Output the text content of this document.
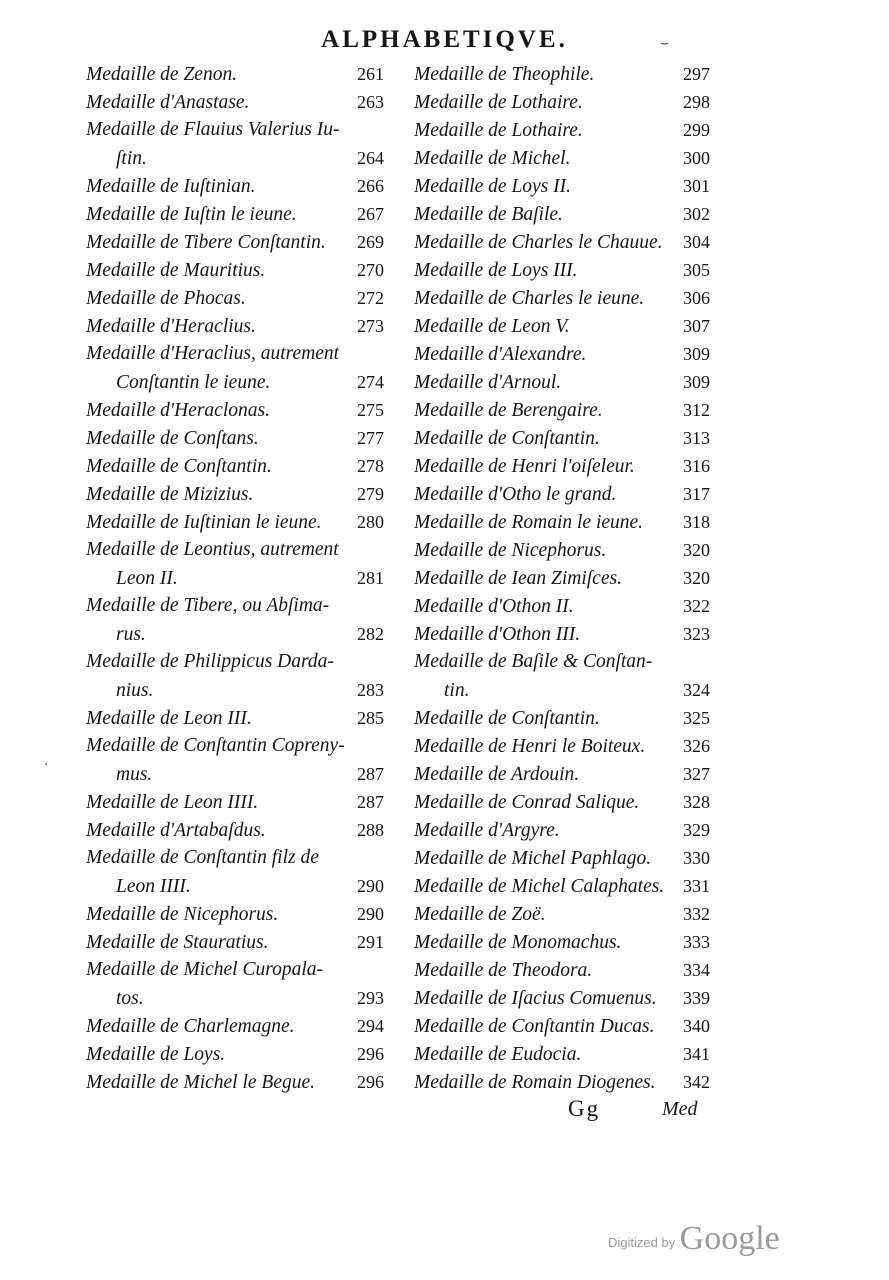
ALPHABETIQVE.
Medaille de Zenon.	261
Medaille d'Anastase.	263
Medaille de Flauius Valerius Iu-
ſtin.	264
Medaille de Iuſtinian.	266
Medaille de Iuſtin le ieune.	267
Medaille de Tibere Conſtantin. 269
Medaille de Mauritius.	270
Medaille de Phocas.	272
Medaille d'Heraclius.	273
Medaille d'Heraclius, autrement
Conſtantin le ieune.	274
Medaille d'Heraclonas.	275
Medaille de Conſtans.	277
Medaille de Conſtantin.	278
Medaille de Mizizius.	279
Medaille de Iuſtinian le ieune. 280
Medaille de Leontius, autrement
Leon II.	281
Medaille de Tibere, ou Abſima-
rus.	282
Medaille de Philippicus Darda-
nius.	283
Medaille de Leon III.	285
Medaille de Conſtantin Copreny-
mus.	287
Medaille de Leon IIII.	287
Medaille d'Artabaſdus.	288
Medaille de Conſtantin filz de
Leon IIII.	290
Medaille de Nicephorus.	290
Medaille de Stauratius.	291
Medaille de Michel Curopala-
tos.	293
Medaille de Charlemagne.	294
Medaille de Loys.	296
Medaille de Michel le Begue. 296
Medaille de Theophile.	297
Medaille de Lothaire.	298
Medaille de Lothaire.	299
Medaille de Michel.	300
Medaille de Loys II.	301
Medaille de Baſile.	302
Medaille de Charles le Chauue. 304
Medaille de Loys III.	305
Medaille de Charles le ieune. 306
Medaille de Leon V.	307
Medaille d'Alexandre.	309
Medaille d'Arnoul.	309
Medaille de Berengaire.	312
Medaille de Conſtantin.	313
Medaille de Henri l'oiſeleur.	316
Medaille d'Otho le grand.	317
Medaille de Romain le ieune. 318
Medaille de Nicephorus.	320
Medaille de Iean Zimiſces.	320
Medaille d'Othon II.	322
Medaille d'Othon III.	323
Medaille de Baſile & Conſtan-
tin.	324
Medaille de Conſtantin.	325
Medaille de Henri le Boiteux. 326
Medaille de Ardouin.	327
Medaille de Conrad Salique. 328
Medaille d'Argyre.	329
Medaille de Michel Paphlago. 330
Medaille de Michel Calaphates. 331
Medaille de Zoë.	332
Medaille de Monomachus.	333
Medaille de Theodora.	334
Medaille de Iſacius Comuenus. 339
Medaille de Conſtantin Ducas. 340
Medaille de Eudocia.	341
Medaille de Romain Diogenes. 342
Gg	Med
⌣
·
Digitized by Google
